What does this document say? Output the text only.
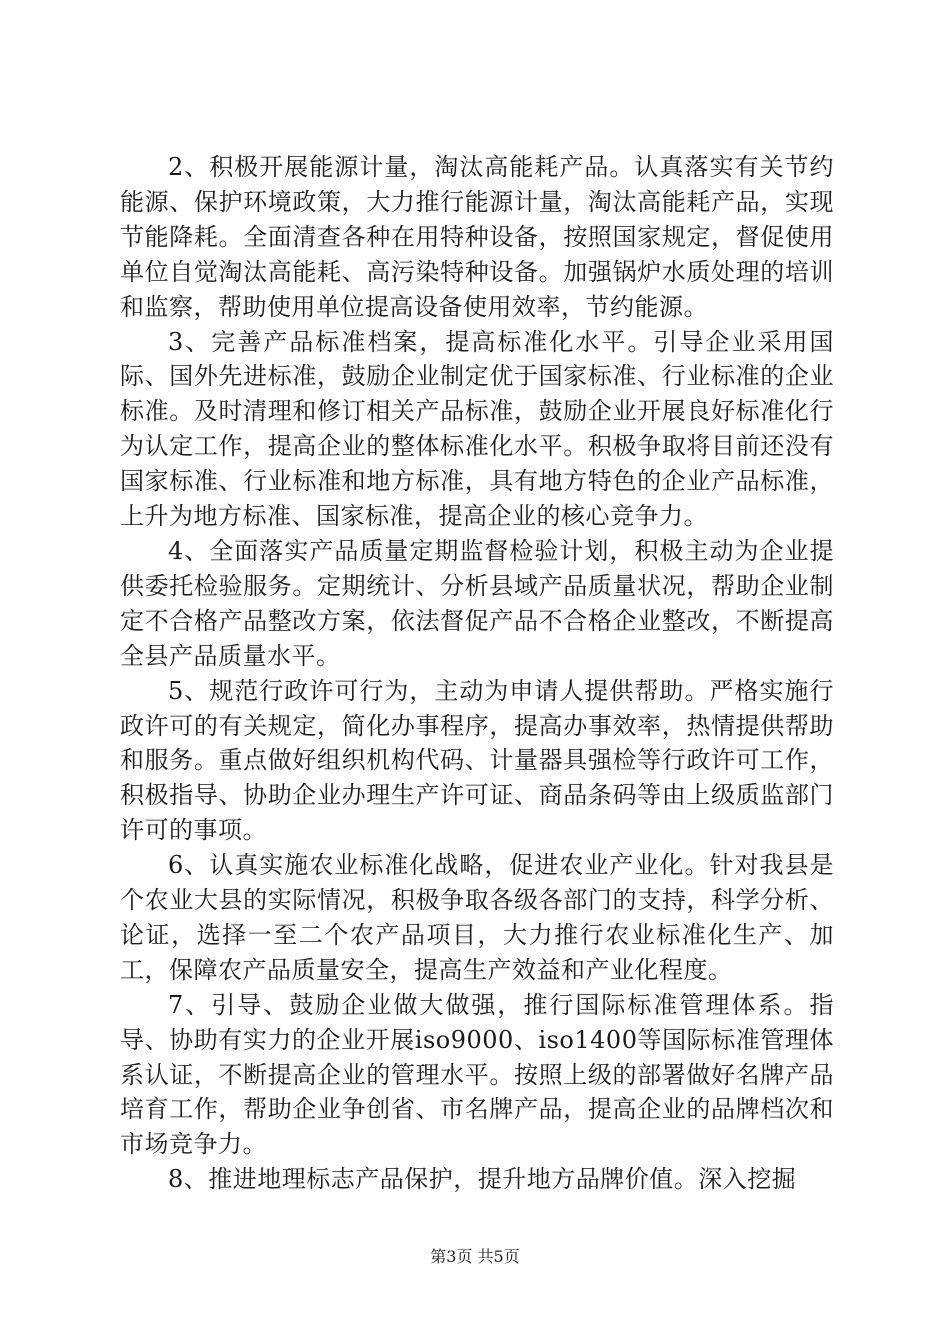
2、积极开展能源计量，淘汰高能耗产品。认真落实有关节约能源、保护环境政策，大力推行能源计量，淘汰高能耗产品，实现节能降耗。全面清查各种在用特种设备，按照国家规定，督促使用单位自觉淘汰高能耗、高污染特种设备。加强锅炉水质处理的培训和监察，帮助使用单位提高设备使用效率，节约能源。

3、完善产品标准档案，提高标准化水平。引导企业采用国际、国外先进标准，鼓励企业制定优于国家标准、行业标准的企业标准。及时清理和修订相关产品标准，鼓励企业开展良好标准化行为认定工作，提高企业的整体标准化水平。积极争取将目前还没有国家标准、行业标准和地方标准，具有地方特色的企业产品标准，上升为地方标准、国家标准，提高企业的核心竞争力。

4、全面落实产品质量定期监督检验计划，积极主动为企业提供委托检验服务。定期统计、分析县域产品质量状况，帮助企业制定不合格产品整改方案，依法督促产品不合格企业整改，不断提高全县产品质量水平。

5、规范行政许可行为，主动为申请人提供帮助。严格实施行政许可的有关规定，简化办事程序，提高办事效率，热情提供帮助和服务。重点做好组织机构代码、计量器具强检等行政许可工作，积极指导、协助企业办理生产许可证、商品条码等由上级质监部门许可的事项。

6、认真实施农业标准化战略，促进农业产业化。针对我县是个农业大县的实际情况，积极争取各级各部门的支持，科学分析、论证，选择一至二个农产品项目，大力推行农业标准化生产、加工，保障农产品质量安全，提高生产效益和产业化程度。

7、引导、鼓励企业做大做强，推行国际标准管理体系。指导、协助有实力的企业开展iso9000、iso1400等国际标准管理体系认证，不断提高企业的管理水平。按照上级的部署做好名牌产品培育工作，帮助企业争创省、市名牌产品，提高企业的品牌档次和市场竞争力。

8、推进地理标志产品保护，提升地方品牌价值。深入挖掘

第3页 共5页
